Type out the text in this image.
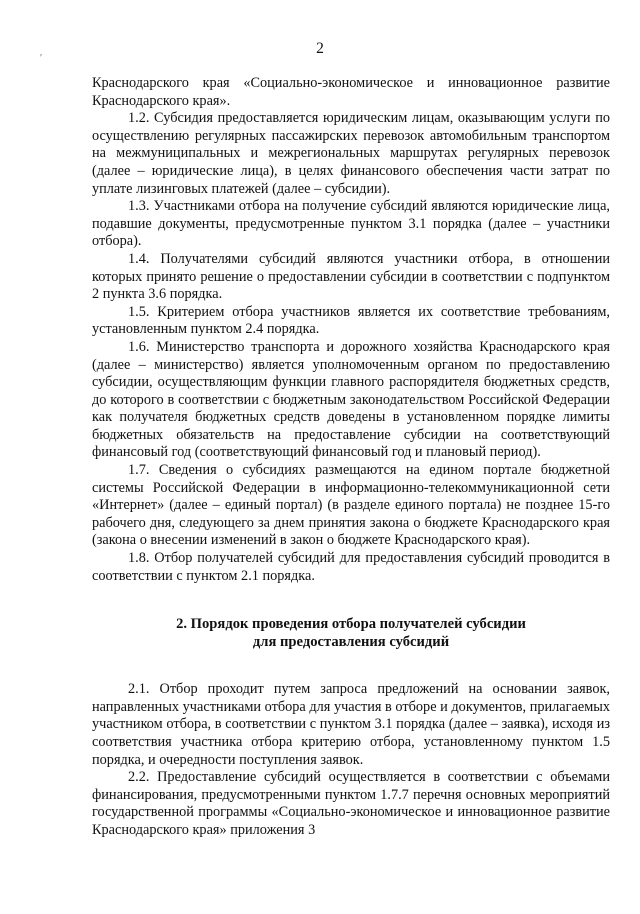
2
′

Краснодарского края «Социально-экономическое и инновационное развитие Краснодарского края».

1.2. Субсидия предоставляется юридическим лицам, оказывающим услуги по осуществлению регулярных пассажирских перевозок автомобильным транспортом на межмуниципальных и межрегиональных маршрутах регулярных перевозок (далее – юридические лица), в целях финансового обеспечения части затрат по уплате лизинговых платежей (далее – субсидии).

1.3. Участниками отбора на получение субсидий являются юридические лица, подавшие документы, предусмотренные пунктом 3.1 порядка (далее – участники отбора).

1.4. Получателями субсидий являются участники отбора, в отношении которых принято решение о предоставлении субсидии в соответствии с подпунктом 2 пункта 3.6 порядка.

1.5. Критерием отбора участников является их соответствие требованиям, установленным пунктом 2.4 порядка.

1.6. Министерство транспорта и дорожного хозяйства Краснодарского края (далее – министерство) является уполномоченным органом по предоставлению субсидии, осуществляющим функции главного распорядителя бюджетных средств, до которого в соответствии с бюджетным законодательством Российской Федерации как получателя бюджетных средств доведены в установленном порядке лимиты бюджетных обязательств на предоставление субсидии на соответствующий финансовый год (соответствующий финансовый год и плановый период).

1.7. Сведения о субсидиях размещаются на едином портале бюджетной системы Российской Федерации в информационно-телекоммуникационной сети «Интернет» (далее – единый портал) (в разделе единого портала) не позднее 15-го рабочего дня, следующего за днем принятия закона о бюджете Краснодарского края (закона о внесении изменений в закон о бюджете Краснодарского края).

1.8. Отбор получателей субсидий для предоставления субсидий проводится в соответствии с пунктом 2.1 порядка.

2. Порядок проведения отбора получателей субсидии
для предоставления субсидий

2.1. Отбор проходит путем запроса предложений на основании заявок, направленных участниками отбора для участия в отборе и документов, прилагаемых участником отбора, в соответствии с пунктом 3.1 порядка (далее – заявка), исходя из соответствия участника отбора критерию отбора, установленному пунктом 1.5 порядка, и очередности поступления заявок.

2.2. Предоставление субсидий осуществляется в соответствии с объемами финансирования, предусмотренными пунктом 1.7.7 перечня основных мероприятий государственной программы «Социально-экономическое и инновационное развитие Краснодарского края» приложения 3
